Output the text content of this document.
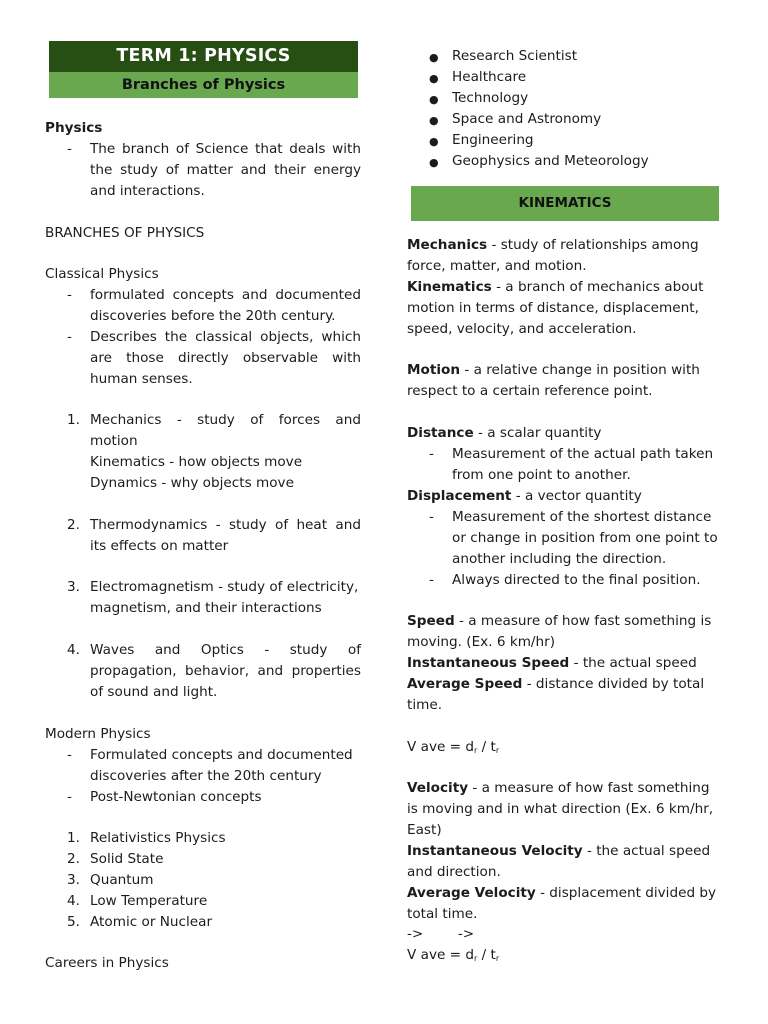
TERM 1: PHYSICS
Branches of Physics
Physics
- The branch of Science that deals with
the study of matter and their energy
and interactions.
BRANCHES OF PHYSICS
Classical Physics
- formulated concepts and documented
discoveries before the 20th century.
- Describes the classical objects, which
are those directly observable with
human senses.
1. Mechanics - study of forces and
motion
Kinematics - how objects move
Dynamics - why objects move
2. Thermodynamics - study of heat and
its effects on matter
3. Electromagnetism - study of electricity,
magnetism, and their interactions
4. Waves and Optics - study of
propagation, behavior, and properties
of sound and light.
Modern Physics
- Formulated concepts and documented
discoveries after the 20th century
- Post-Newtonian concepts
1. Relativistics Physics
2. Solid State
3. Quantum
4. Low Temperature
5. Atomic or Nuclear
Careers in Physics
● Research Scientist
● Healthcare
● Technology
● Space and Astronomy
● Engineering
● Geophysics and Meteorology
KINEMATICS
Mechanics - study of relationships among
force, matter, and motion.
Kinematics - a branch of mechanics about
motion in terms of distance, displacement,
speed, velocity, and acceleration.
Motion - a relative change in position with
respect to a certain reference point.
Distance - a scalar quantity
- Measurement of the actual path taken
from one point to another.
Displacement - a vector quantity
- Measurement of the shortest distance
or change in position from one point to
another including the direction.
- Always directed to the final position.
Speed - a measure of how fast something is
moving. (Ex. 6 km/hr)
Instantaneous Speed - the actual speed
Average Speed - distance divided by total
time.
V ave = $d_r / t_r$
Velocity - a measure of how fast something
is moving and in what direction (Ex. 6 km/hr,
East)
Instantaneous Velocity - the actual speed
and direction.
Average Velocity - displacement divided by
total time.
->        ->
V ave = $d_r / t_r$
